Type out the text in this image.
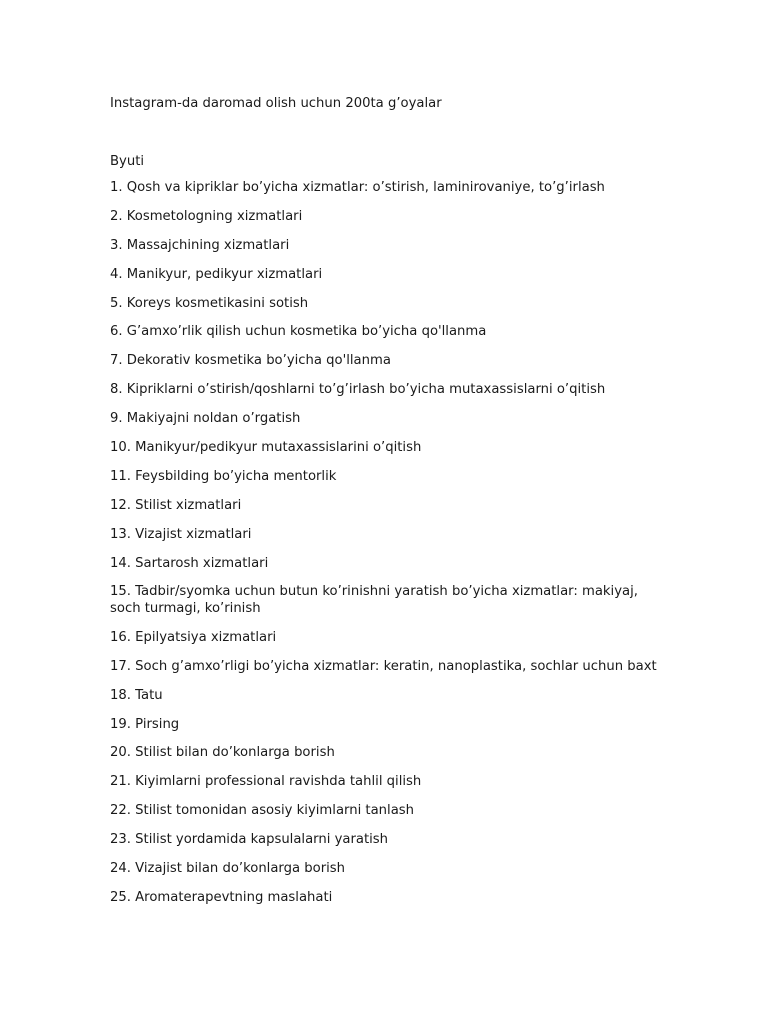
Instagram-da daromad olish uchun 200ta g’oyalar
Byuti
1. Qosh va kipriklar bo’yicha xizmatlar: o’stirish, laminirovaniye, to’g’irlash
2. Kosmetologning xizmatlari
3. Massajchining xizmatlari
4. Manikyur, pedikyur xizmatlari
5. Koreys kosmetikasini sotish
6. G’amxo’rlik qilish uchun kosmetika bo’yicha qo'llanma
7. Dekorativ kosmetika bo’yicha qo'llanma
8. Kipriklarni o’stirish/qoshlarni to’g’irlash bo’yicha mutaxassislarni o’qitish
9. Makiyajni noldan o’rgatish
10. Manikyur/pedikyur mutaxassislarini o’qitish
11. Feysbilding bo’yicha mentorlik
12. Stilist xizmatlari
13. Vizajist xizmatlari
14. Sartarosh xizmatlari
15. Tadbir/syomka uchun butun ko’rinishni yaratish bo’yicha xizmatlar: makiyaj, soch turmagi, ko’rinish
16. Epilyatsiya xizmatlari
17. Soch g’amxo’rligi bo’yicha xizmatlar: keratin, nanoplastika, sochlar uchun baxt
18. Tatu
19. Pirsing
20. Stilist bilan do’konlarga borish
21. Kiyimlarni professional ravishda tahlil qilish
22. Stilist tomonidan asosiy kiyimlarni tanlash
23. Stilist yordamida kapsulalarni yaratish
24. Vizajist bilan do’konlarga borish
25. Aromaterapevtning maslahati
